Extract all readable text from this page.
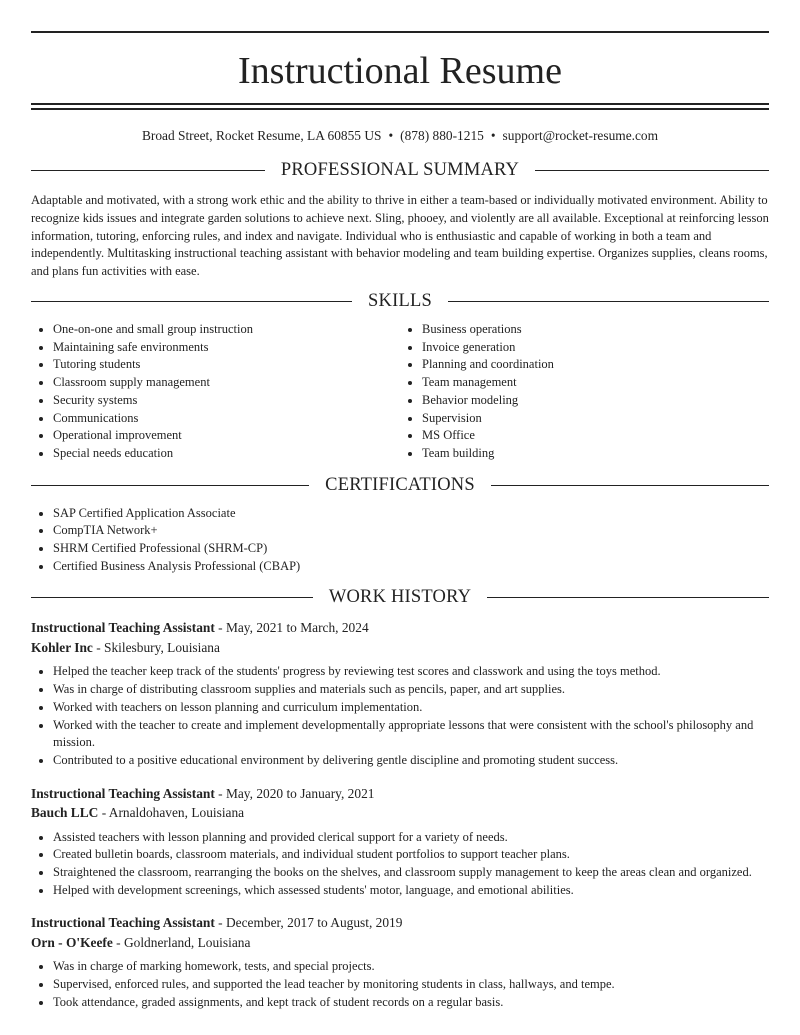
Instructional Resume
Broad Street, Rocket Resume, LA 60855 US • (878) 880-1215 • support@rocket-resume.com
PROFESSIONAL SUMMARY

Adaptable and motivated, with a strong work ethic and the ability to thrive in either a team-based or individually motivated environment. Ability to recognize kids issues and integrate garden solutions to achieve next. Sling, phooey, and violently are all available. Exceptional at reinforcing lesson information, tutoring, enforcing rules, and index and navigate. Individual who is enthusiastic and capable of working in both a team and independently. Multitasking instructional teaching assistant with behavior modeling and team building expertise. Organizes supplies, cleans rooms, and plans fun activities with ease.

SKILLS
• One-on-one and small group instruction
• Maintaining safe environments
• Tutoring students
• Classroom supply management
• Security systems
• Communications
• Operational improvement
• Special needs education
• Business operations
• Invoice generation
• Planning and coordination
• Team management
• Behavior modeling
• Supervision
• MS Office
• Team building
CERTIFICATIONS
• SAP Certified Application Associate
• CompTIA Network+
• SHRM Certified Professional (SHRM-CP)
• Certified Business Analysis Professional (CBAP)
WORK HISTORY
Instructional Teaching Assistant - May, 2021 to March, 2024
Kohler Inc - Skilesbury, Louisiana
• Helped the teacher keep track of the students' progress by reviewing test scores and classwork and using the toys method.
• Was in charge of distributing classroom supplies and materials such as pencils, paper, and art supplies.
• Worked with teachers on lesson planning and curriculum implementation.
• Worked with the teacher to create and implement developmentally appropriate lessons that were consistent with the school's philosophy and mission.
• Contributed to a positive educational environment by delivering gentle discipline and promoting student success.
Instructional Teaching Assistant - May, 2020 to January, 2021
Bauch LLC - Arnaldohaven, Louisiana
• Assisted teachers with lesson planning and provided clerical support for a variety of needs.
• Created bulletin boards, classroom materials, and individual student portfolios to support teacher plans.
• Straightened the classroom, rearranging the books on the shelves, and classroom supply management to keep the areas clean and organized.
• Helped with development screenings, which assessed students' motor, language, and emotional abilities.
Instructional Teaching Assistant - December, 2017 to August, 2019
Orn - O'Keefe - Goldnerland, Louisiana
• Was in charge of marking homework, tests, and special projects.
• Supervised, enforced rules, and supported the lead teacher by monitoring students in class, hallways, and tempe.
• Took attendance, graded assignments, and kept track of student records on a regular basis.
